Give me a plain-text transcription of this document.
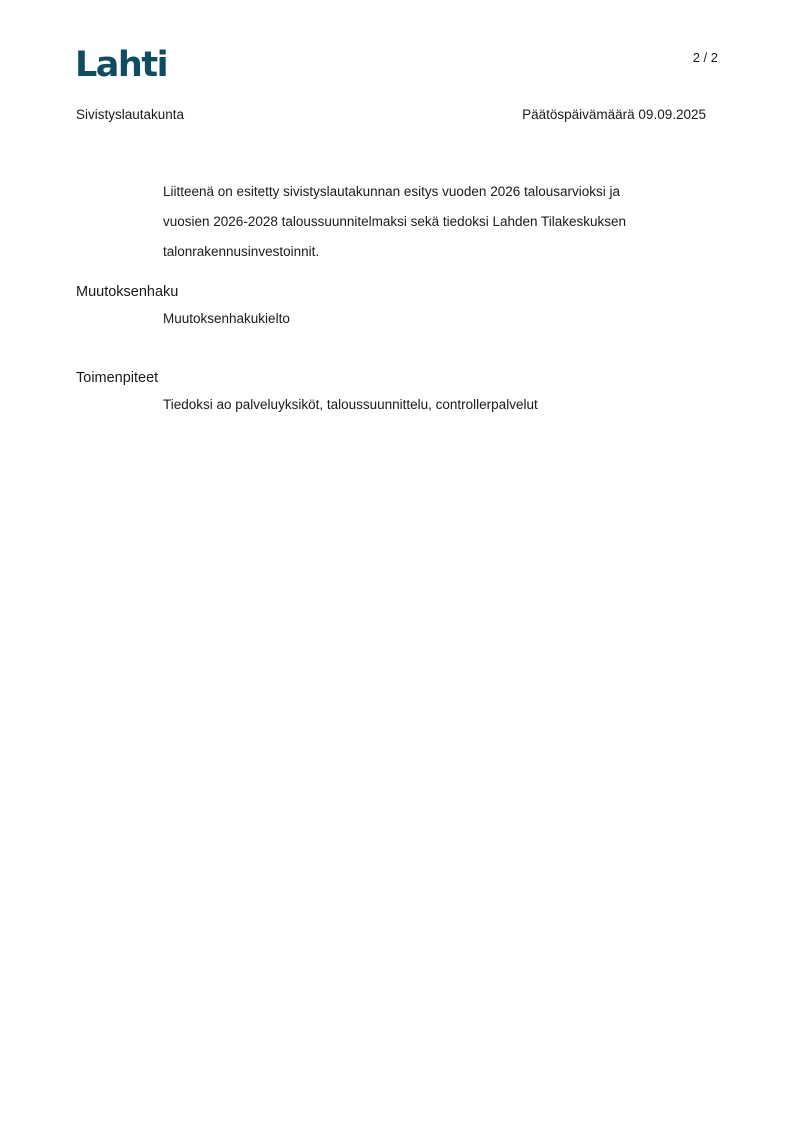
Lahti	2 / 2
Sivistyslautakunta	Päätöspäivämäärä 09.09.2025
Liitteenä on esitetty sivistyslautakunnan esitys vuoden 2026 talousarvioksi ja
vuosien 2026-2028 taloussuunnitelmaksi sekä tiedoksi Lahden Tilakeskuksen
talonrakennusinvestoinnit.
Muutoksenhaku
Muutoksenhakukielto
Toimenpiteet
Tiedoksi ao palveluyksiköt, taloussuunnittelu, controllerpalvelut
